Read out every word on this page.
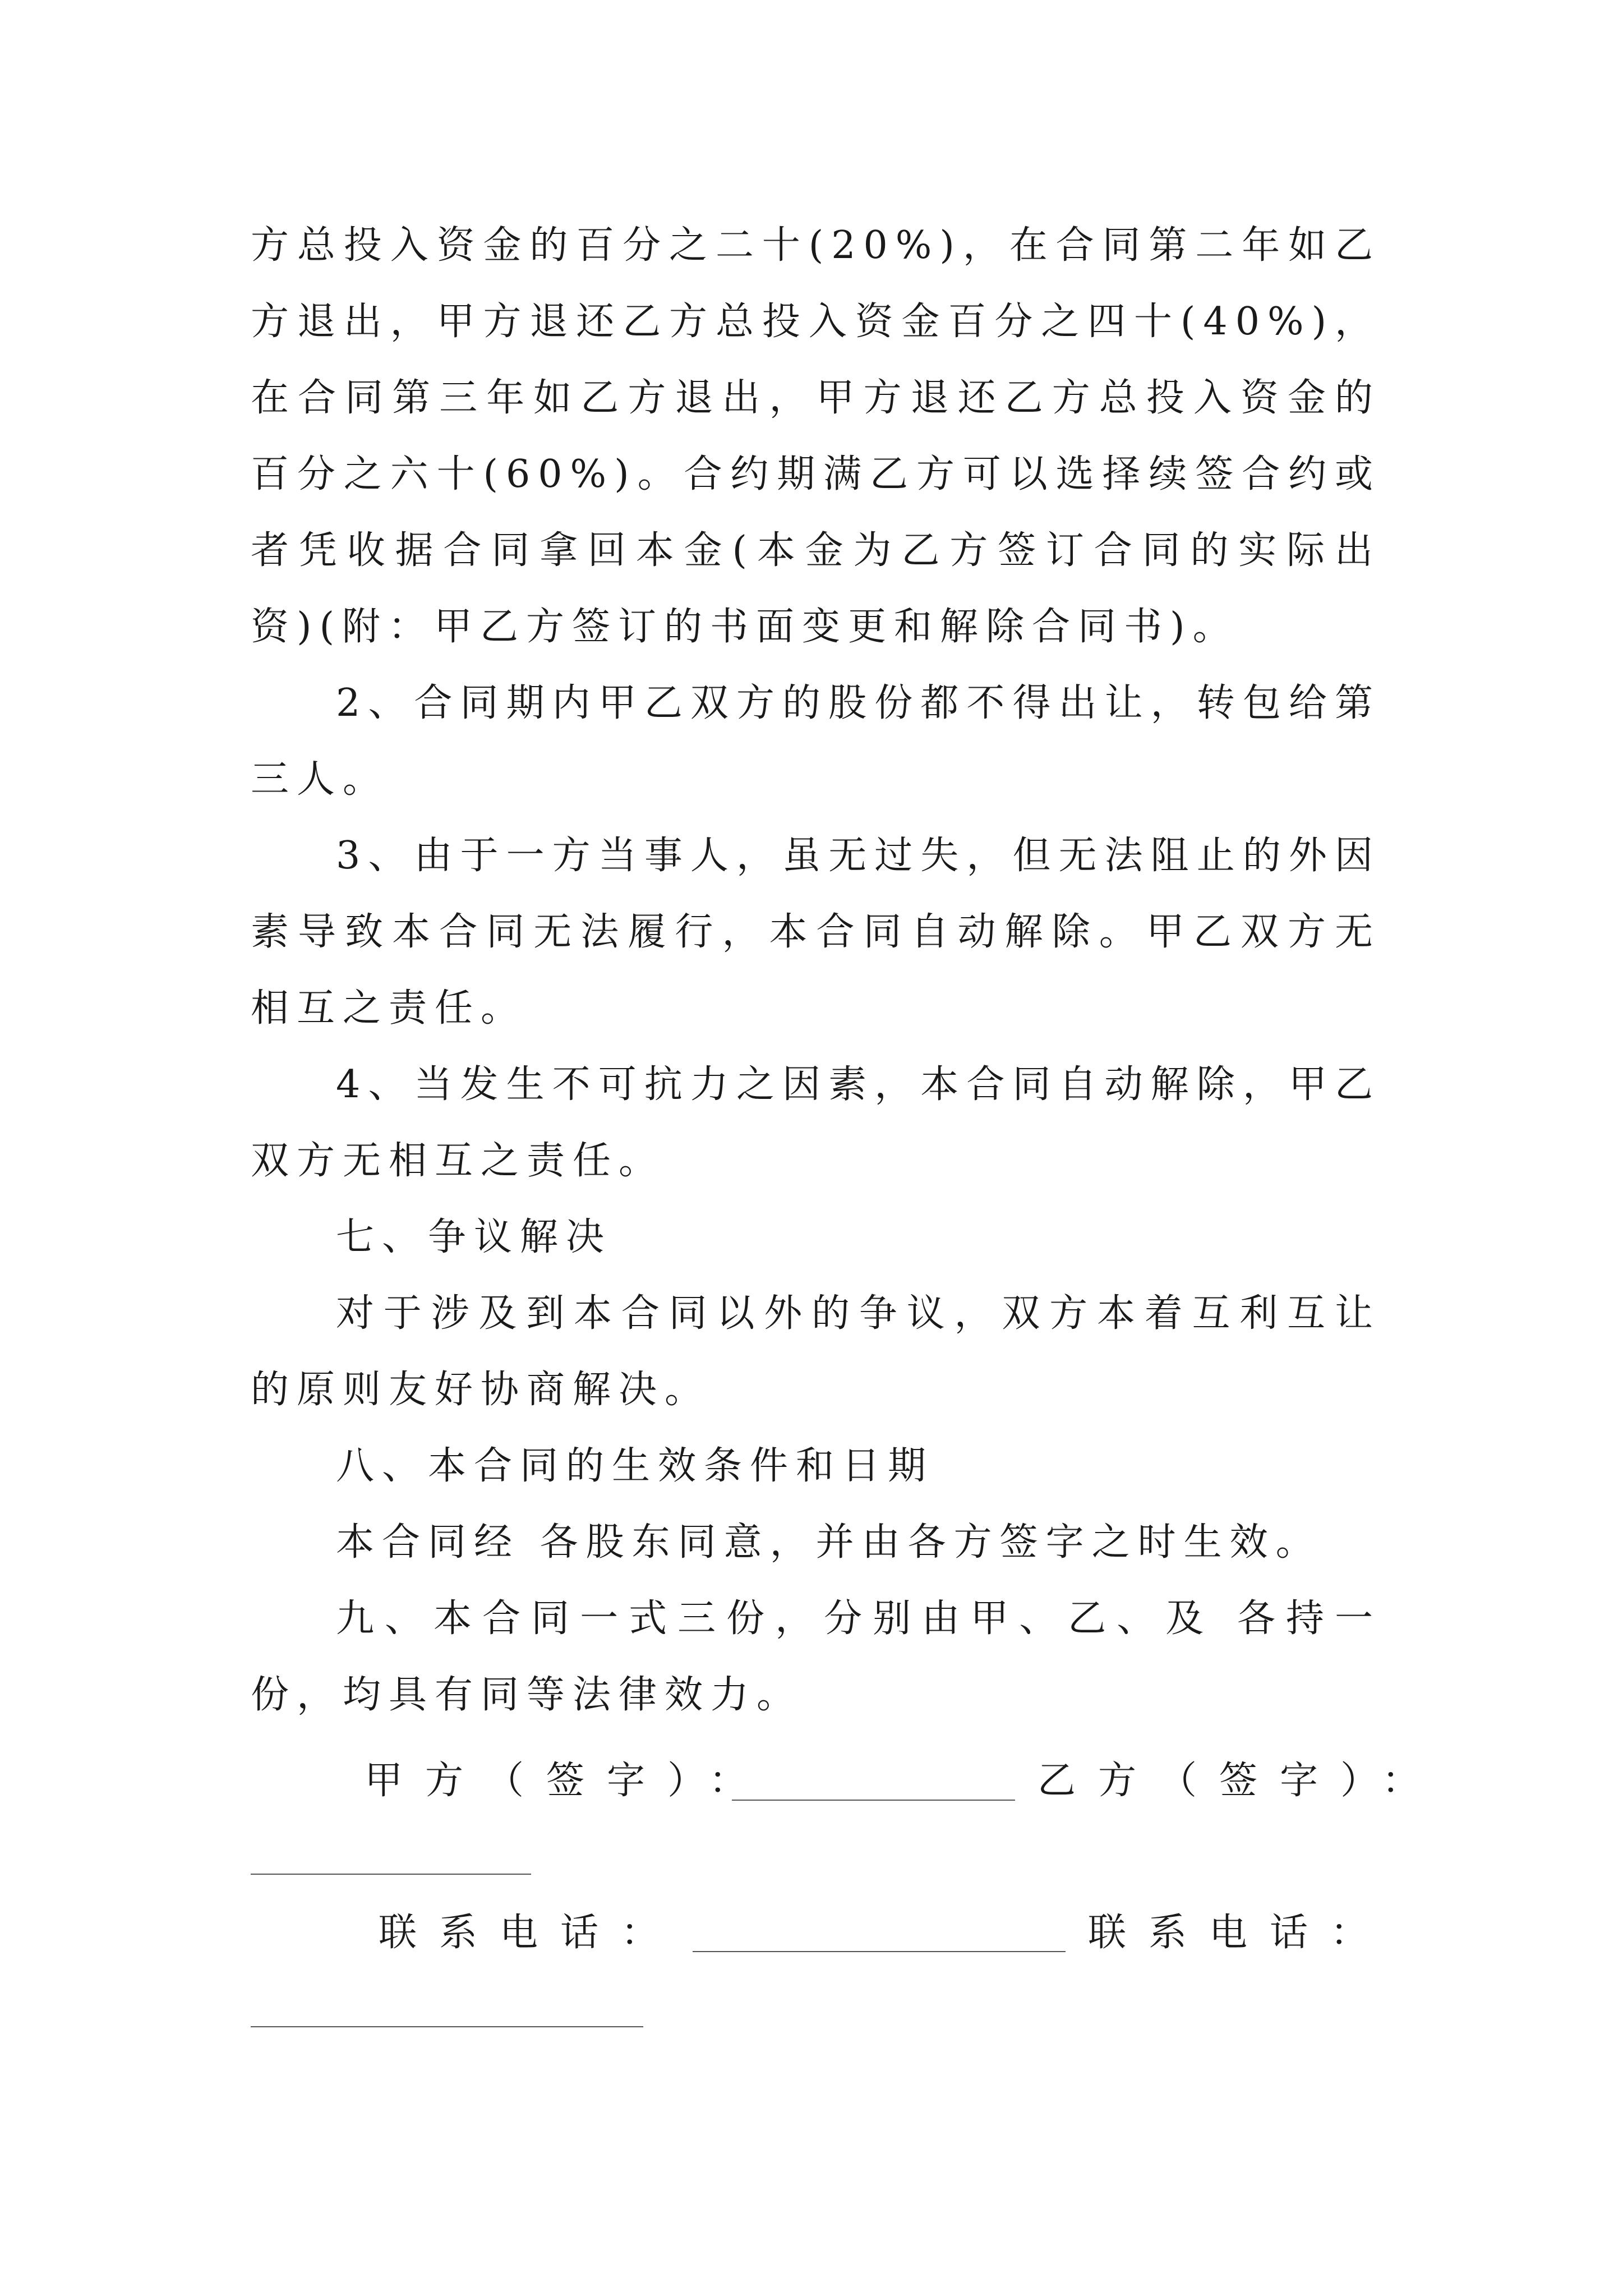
方总投入资金的百分之二十(20%)，在合同第二年如乙方退出，甲方退还乙方总投入资金百分之四十(40%)，在合同第三年如乙方退出，甲方退还乙方总投入资金的百分之六十(60%)。合约期满乙方可以选择续签合约或者凭收据合同拿回本金(本金为乙方签订合同的实际出资)(附：甲乙方签订的书面变更和解除合同书)。

2、合同期内甲乙双方的股份都不得出让，转包给第三人。

3、由于一方当事人，虽无过失，但无法阻止的外因素导致本合同无法履行，本合同自动解除。甲乙双方无相互之责任。

4、当发生不可抗力之因素，本合同自动解除，甲乙双方无相互之责任。

七、争议解决

对于涉及到本合同以外的争议，双方本着互利互让的原则友好协商解决。

八、本合同的生效条件和日期

本合同经 各股东同意，并由各方签字之时生效。

九、本合同一式三份，分别由甲、乙、及 各持一份，均具有同等法律效力。

甲方（签字）：	乙方（签字）：
联系电话：	联系电话：
